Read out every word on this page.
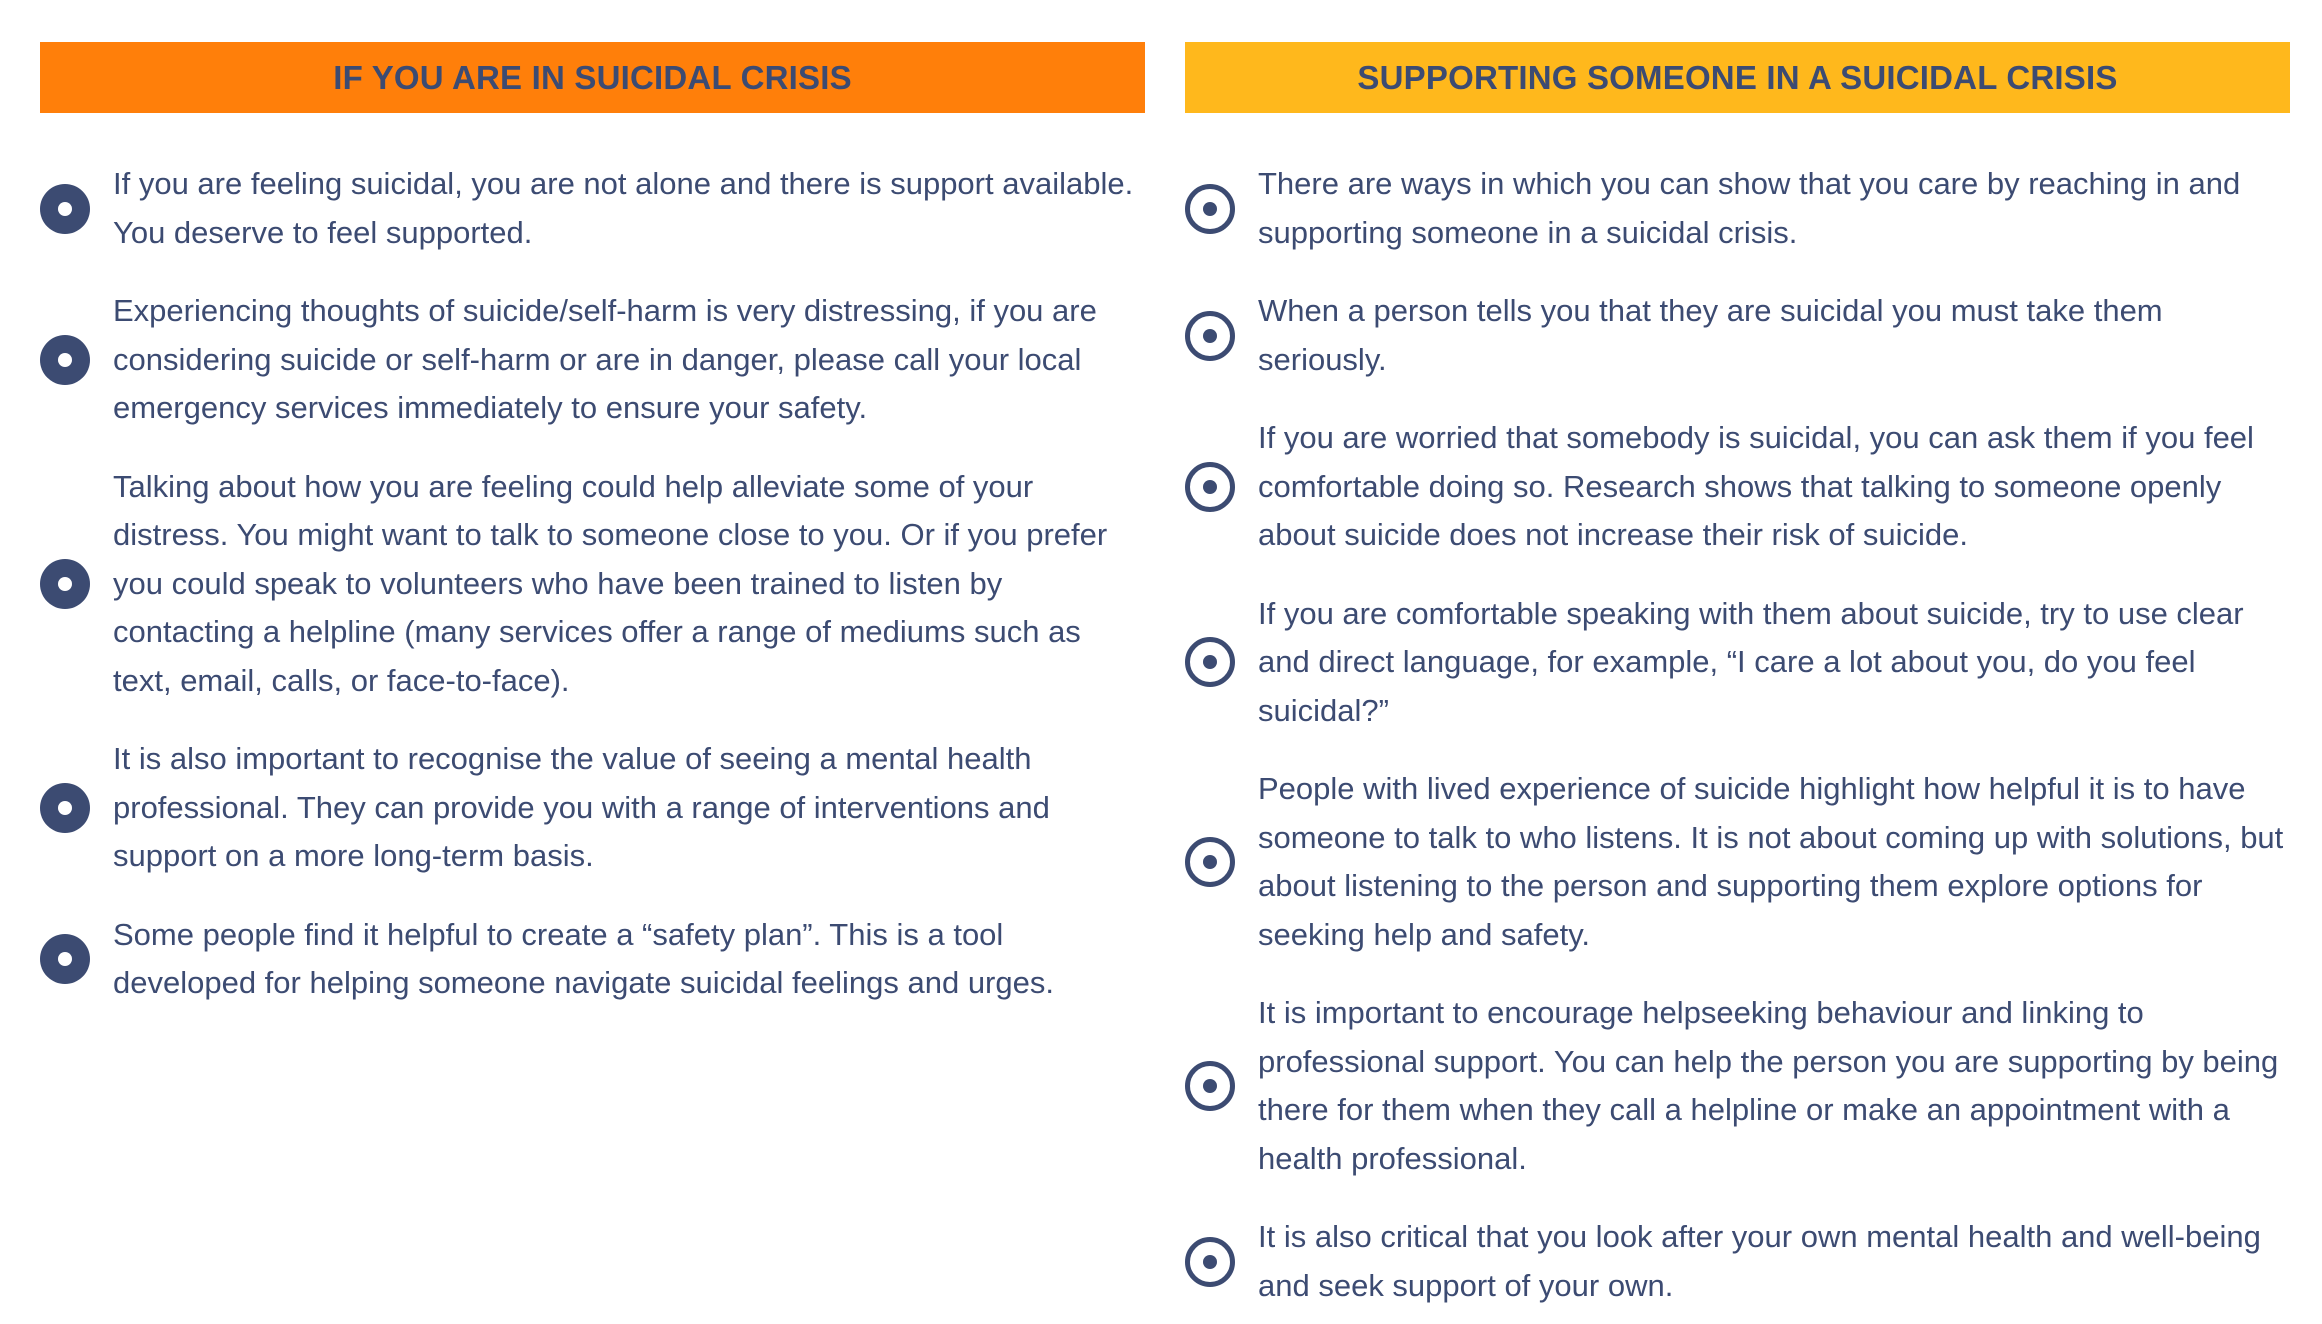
IF YOU ARE IN SUICIDAL CRISIS
If you are feeling suicidal, you are not alone and there is support available. You deserve to feel supported.
Experiencing thoughts of suicide/self-harm is very distressing, if you are considering suicide or self-harm or are in danger, please call your local emergency services immediately to ensure your safety.
Talking about how you are feeling could help alleviate some of your distress. You might want to talk to someone close to you. Or if you prefer you could speak to volunteers who have been trained to listen by contacting a helpline (many services offer a range of mediums such as text, email, calls, or face-to-face).
It is also important to recognise the value of seeing a mental health professional. They can provide you with a range of interventions and support on a more long-term basis.
Some people find it helpful to create a “safety plan”. This is a tool developed for helping someone navigate suicidal feelings and urges.
SUPPORTING SOMEONE IN A SUICIDAL CRISIS
There are ways in which you can show that you care by reaching in and supporting someone in a suicidal crisis.
When a person tells you that they are suicidal you must take them seriously.
If you are worried that somebody is suicidal, you can ask them if you feel comfortable doing so. Research shows that talking to someone openly about suicide does not increase their risk of suicide.
If you are comfortable speaking with them about suicide, try to use clear and direct language, for example, “I care a lot about you, do you feel suicidal?”
People with lived experience of suicide highlight how helpful it is to have someone to talk to who listens. It is not about coming up with solutions, but about listening to the person and supporting them explore options for seeking help and safety.
It is important to encourage helpseeking behaviour and linking to professional support. You can help the person you are supporting by being there for them when they call a helpline or make an appointment with a health professional.
It is also critical that you look after your own mental health and well-being and seek support of your own.
